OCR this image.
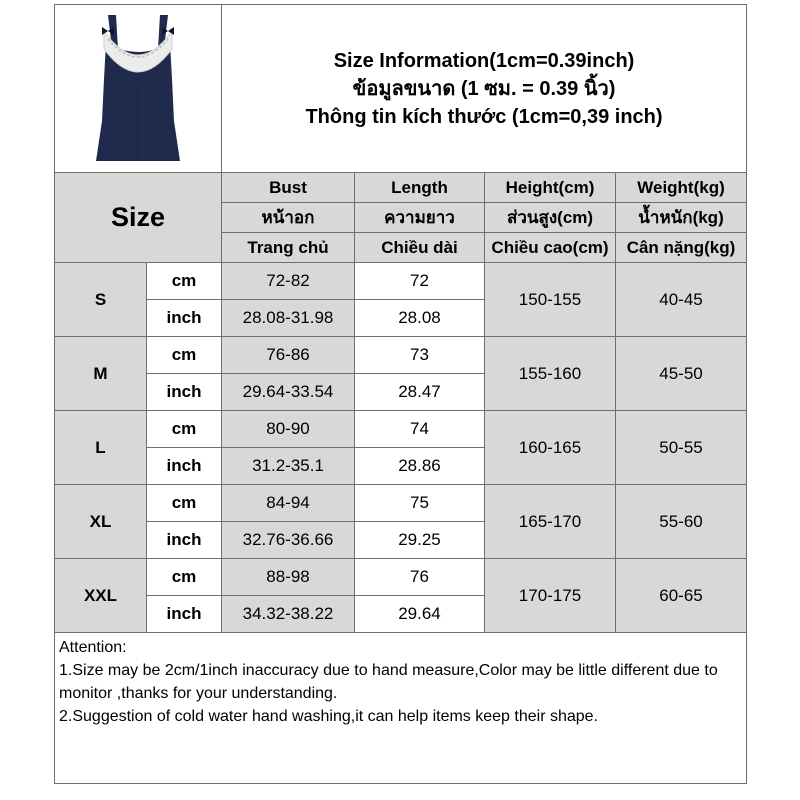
Size Information(1cm=0.39inch)
ข้อมูลขนาด (1 ซม. = 0.39 นิ้ว)
Thông tin kích thước (1cm=0,39 inch)			

Size		Bust	Length	Height(cm)	Weight(kg)
		หน้าอก	ความยาว	ส่วนสูง(cm)	น้ำหนัก(kg)
		Trang chủ	Chiều dài	Chiều cao(cm)	Cân nặng(kg)
S	cm	72-82	72	150-155	40-45
	inch	28.08-31.98	28.08		
M	cm	76-86	73	155-160	45-50
	inch	29.64-33.54	28.47		
L	cm	80-90	74	160-165	50-55
	inch	31.2-35.1	28.86		
XL	cm	84-94	75	165-170	55-60
	inch	32.76-36.66	29.25		
XXL	cm	88-98	76	170-175	60-65
	inch	34.32-38.22	29.64		

Attention:
1.Size may be 2cm/1inch inaccuracy due to hand measure,Color may be little different due to monitor ,thanks for your understanding.
2.Suggestion of cold water hand washing,it can help items keep their shape.					
